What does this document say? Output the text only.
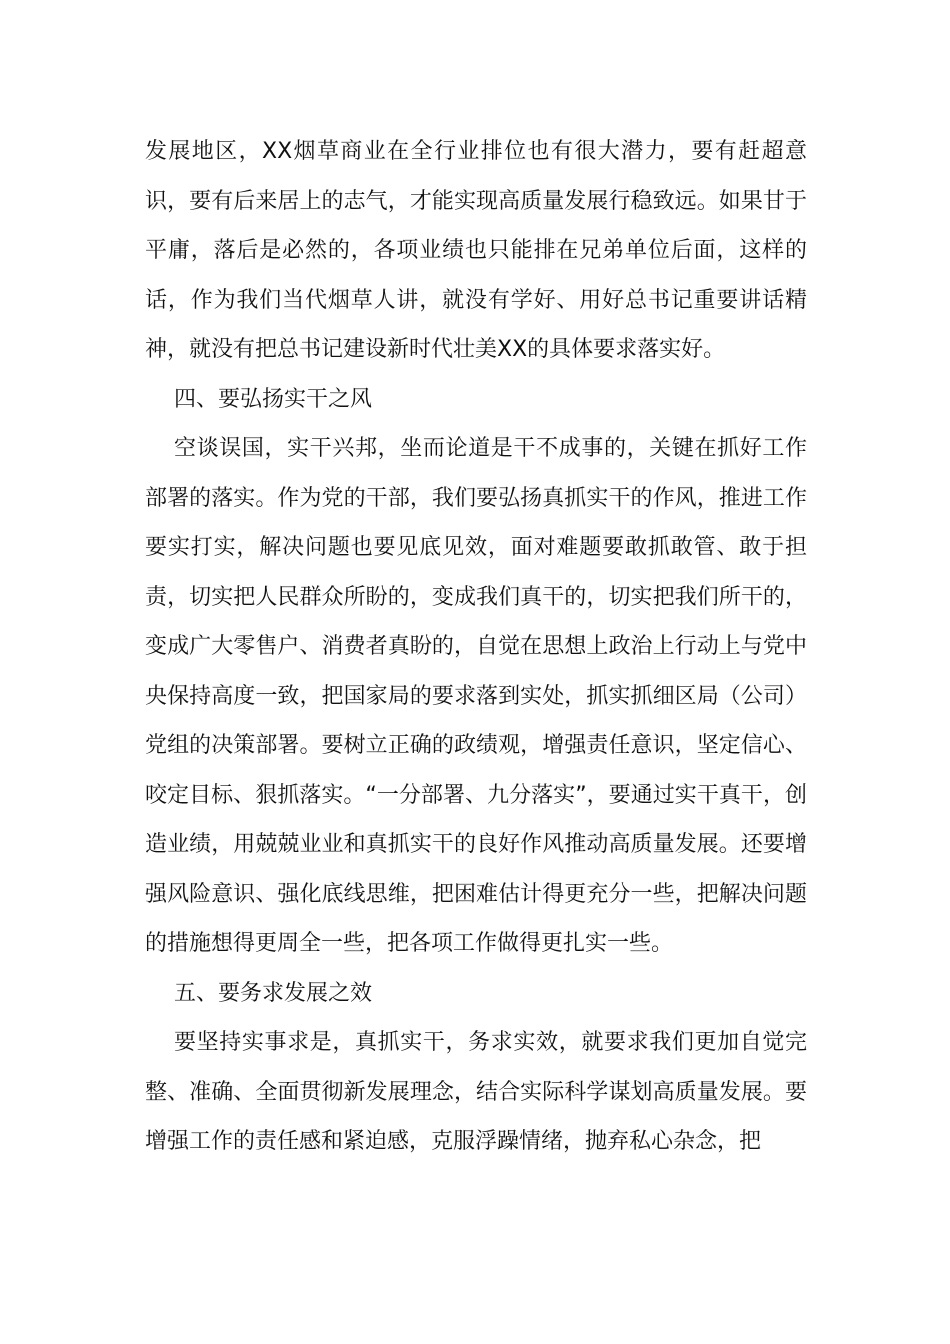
发展地区，XX烟草商业在全行业排位也有很大潜力，要有赶超意识，要有后来居上的志气，才能实现高质量发展行稳致远。如果甘于平庸，落后是必然的，各项业绩也只能排在兄弟单位后面，这样的话，作为我们当代烟草人讲，就没有学好、用好总书记重要讲话精神，就没有把总书记建设新时代壮美XX的具体要求落实好。

四、要弘扬实干之风

空谈误国，实干兴邦，坐而论道是干不成事的，关键在抓好工作部署的落实。作为党的干部，我们要弘扬真抓实干的作风，推进工作要实打实，解决问题也要见底见效，面对难题要敢抓敢管、敢于担责，切实把人民群众所盼的，变成我们真干的，切实把我们所干的，变成广大零售户、消费者真盼的，自觉在思想上政治上行动上与党中央保持高度一致，把国家局的要求落到实处，抓实抓细区局（公司）党组的决策部署。要树立正确的政绩观，增强责任意识，坚定信心、咬定目标、狠抓落实。“一分部署、九分落实”，要通过实干真干，创造业绩，用兢兢业业和真抓实干的良好作风推动高质量发展。还要增强风险意识、强化底线思维，把困难估计得更充分一些，把解决问题的措施想得更周全一些，把各项工作做得更扎实一些。

五、要务求发展之效

要坚持实事求是，真抓实干，务求实效，就要求我们更加自觉完整、准确、全面贯彻新发展理念，结合实际科学谋划高质量发展。要增强工作的责任感和紧迫感，克服浮躁情绪，抛弃私心杂念，把
